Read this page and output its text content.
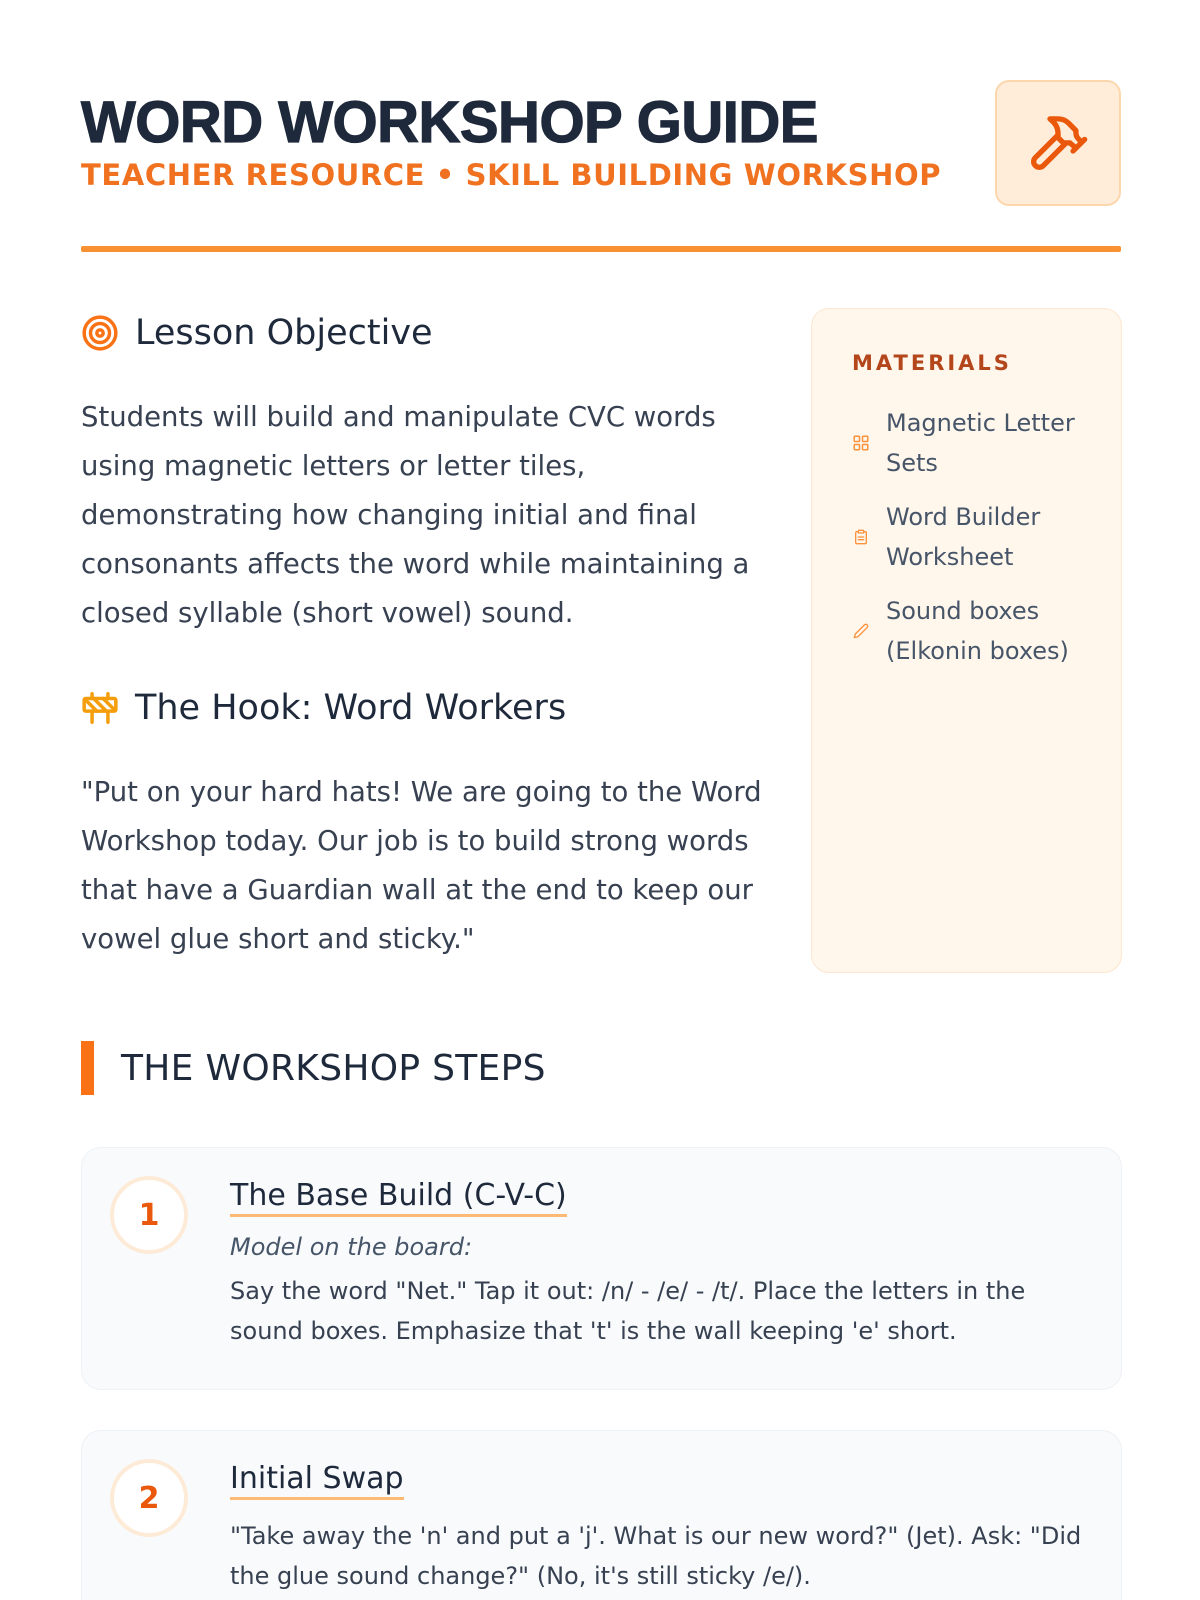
WORD WORKSHOP GUIDE
TEACHER RESOURCE • SKILL BUILDING WORKSHOP
Lesson Objective

Students will build and manipulate CVC words using magnetic letters or letter tiles, demonstrating how changing initial and final consonants affects the word while maintaining a closed syllable (short vowel) sound.

The Hook: Word Workers

"Put on your hard hats! We are going to the Word Workshop today. Our job is to build strong words that have a Guardian wall at the end to keep our vowel glue short and sticky."

MATERIALS
Magnetic Letter Sets
Word Builder Worksheet
Sound boxes (Elkonin boxes)
THE WORKSHOP STEPS
1
The Base Build (C-V-C)
Model on the board:
Say the word "Net." Tap it out: /n/ - /e/ - /t/. Place the letters in the sound boxes. Emphasize that 't' is the wall keeping 'e' short.
2
Initial Swap
"Take away the 'n' and put a 'j'. What is our new word?" (Jet). Ask: "Did the glue sound change?" (No, it's still sticky /e/).
